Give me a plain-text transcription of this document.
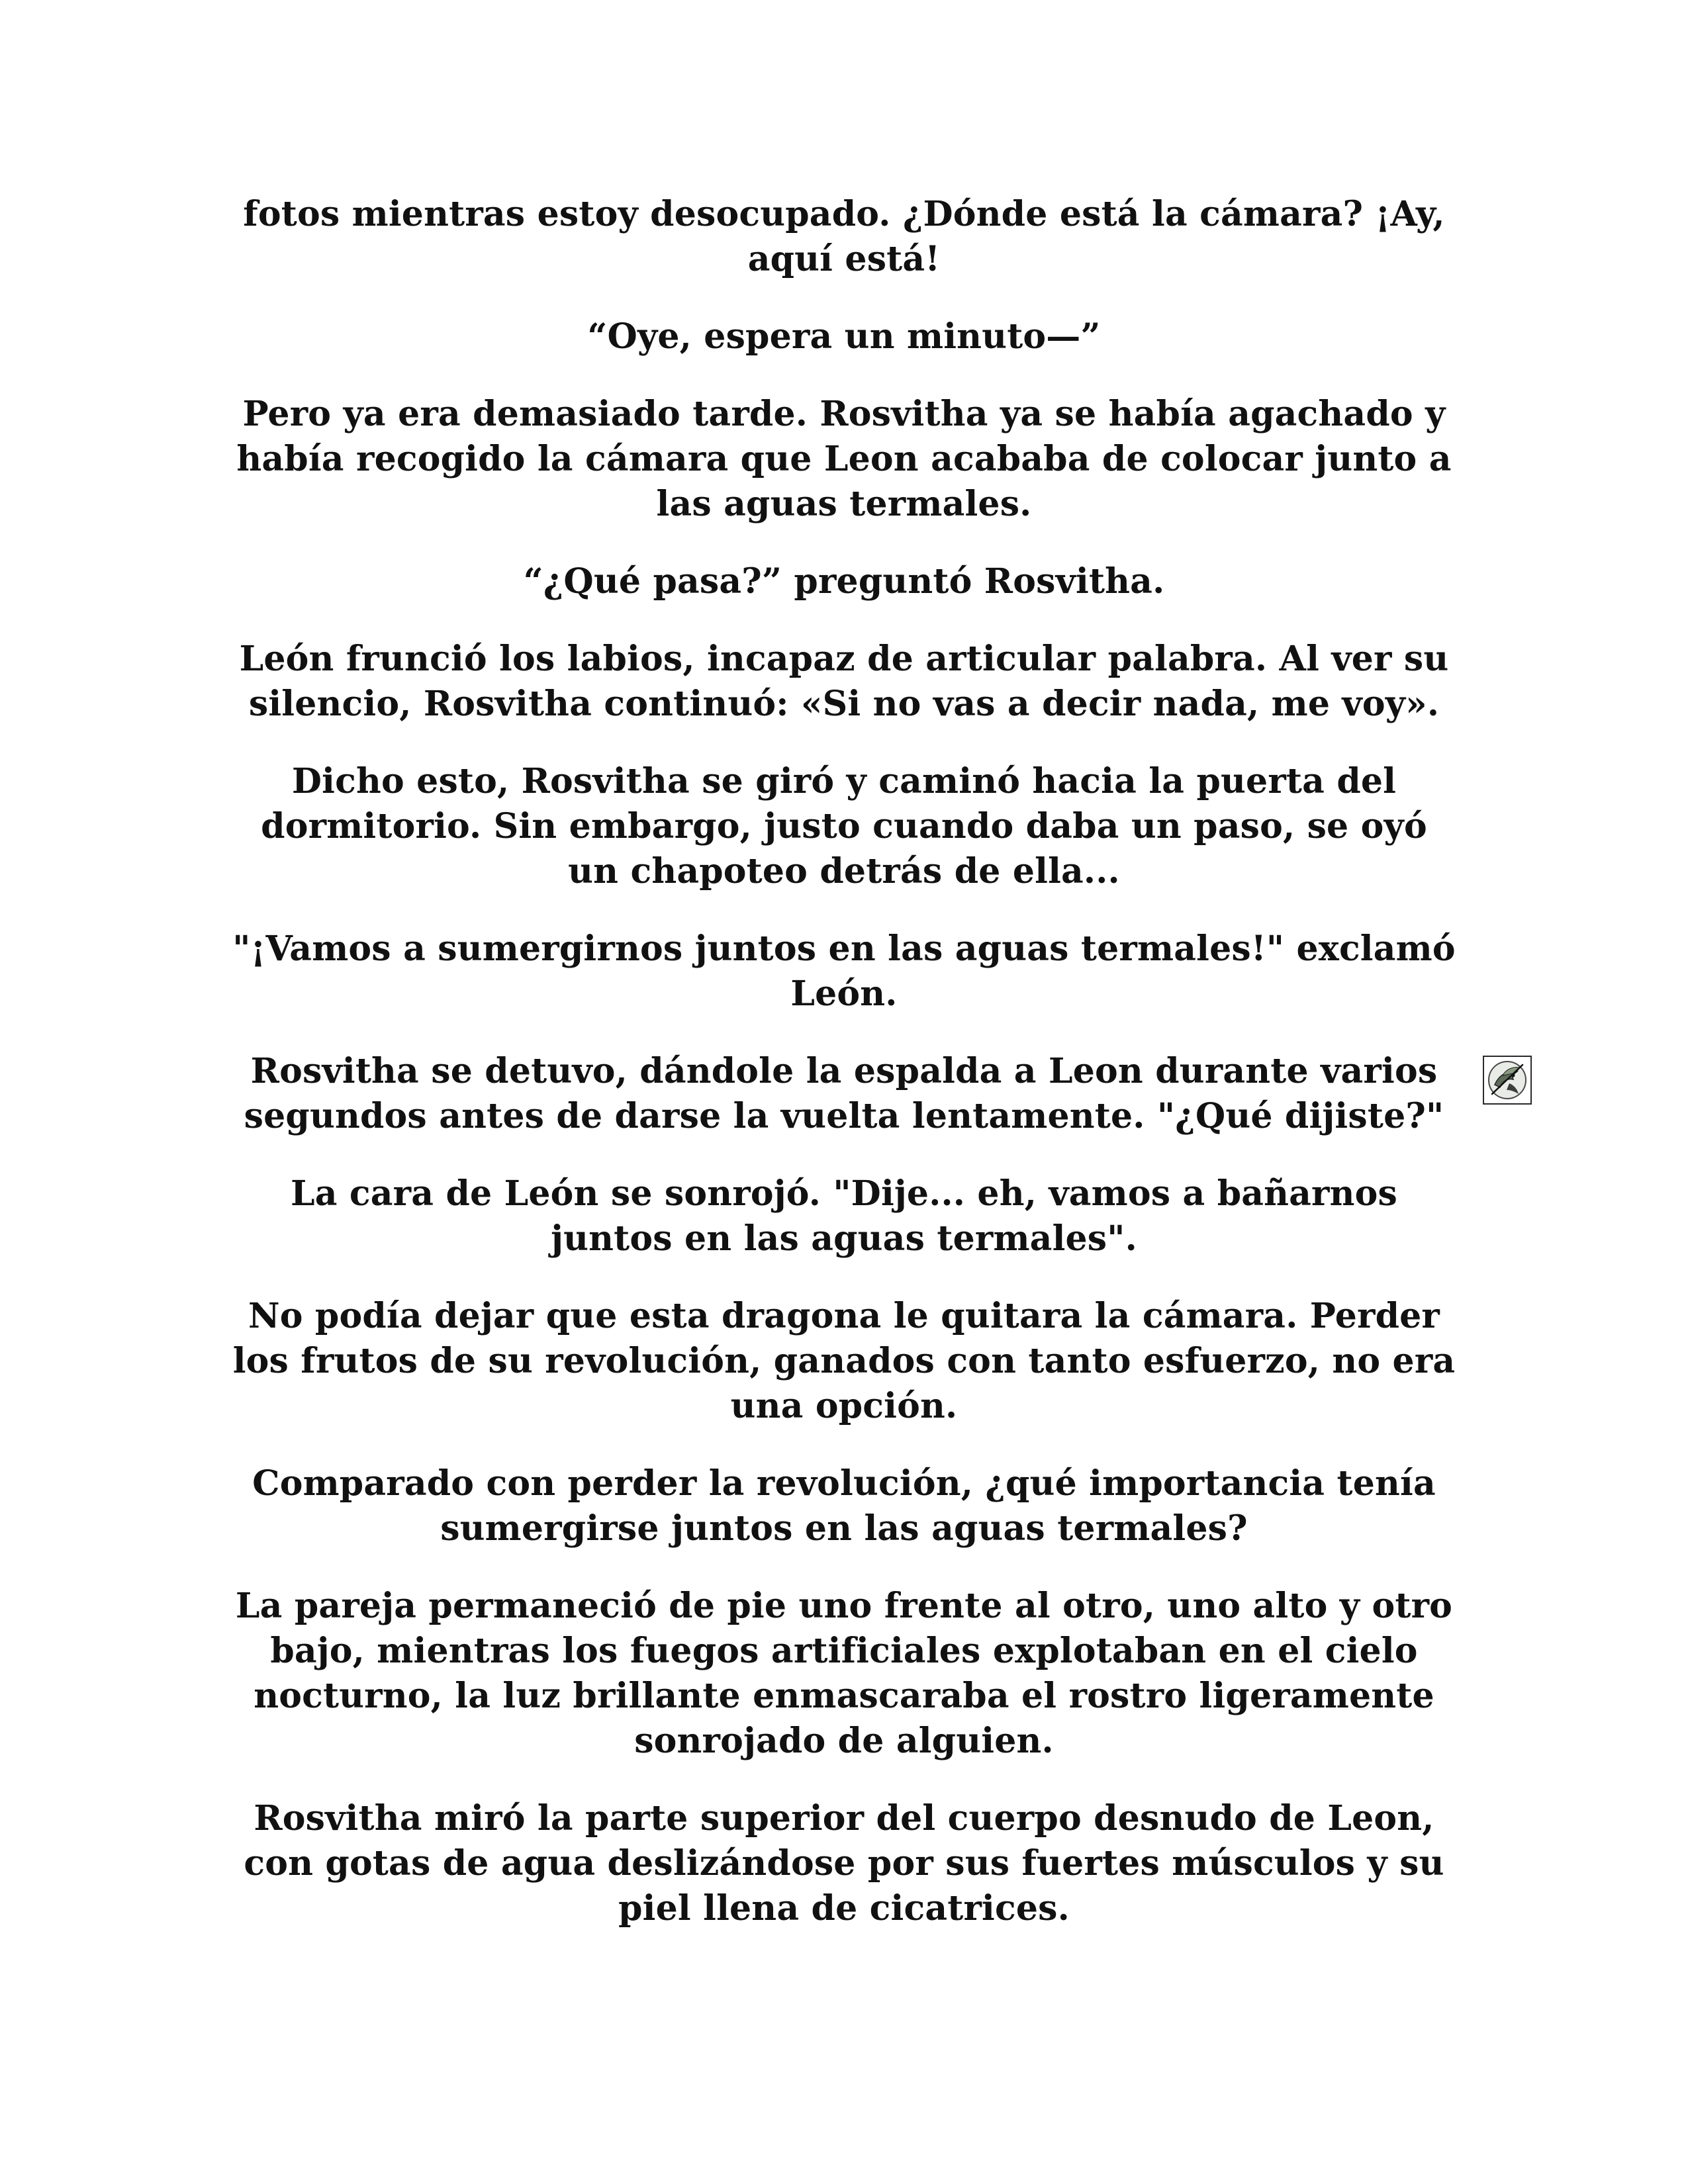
fotos mientras estoy desocupado. ¿Dónde está la cámara? ¡Ay,
aquí está!

“Oye, espera un minuto—”

Pero ya era demasiado tarde. Rosvitha ya se había agachado y
había recogido la cámara que Leon acababa de colocar junto a
las aguas termales.

“¿Qué pasa?” preguntó Rosvitha.

León frunció los labios, incapaz de articular palabra. Al ver su
silencio, Rosvitha continuó: «Si no vas a decir nada, me voy».

Dicho esto, Rosvitha se giró y caminó hacia la puerta del
dormitorio. Sin embargo, justo cuando daba un paso, se oyó
un chapoteo detrás de ella...

"¡Vamos a sumergirnos juntos en las aguas termales!" exclamó
León.

Rosvitha se detuvo, dándole la espalda a Leon durante varios
segundos antes de darse la vuelta lentamente. "¿Qué dijiste?"

La cara de León se sonrojó. "Dije... eh, vamos a bañarnos
juntos en las aguas termales".

No podía dejar que esta dragona le quitara la cámara. Perder
los frutos de su revolución, ganados con tanto esfuerzo, no era
una opción.

Comparado con perder la revolución, ¿qué importancia tenía
sumergirse juntos en las aguas termales?

La pareja permaneció de pie uno frente al otro, uno alto y otro
bajo, mientras los fuegos artificiales explotaban en el cielo
nocturno, la luz brillante enmascaraba el rostro ligeramente
sonrojado de alguien.

Rosvitha miró la parte superior del cuerpo desnudo de Leon,
con gotas de agua deslizándose por sus fuertes músculos y su
piel llena de cicatrices.
